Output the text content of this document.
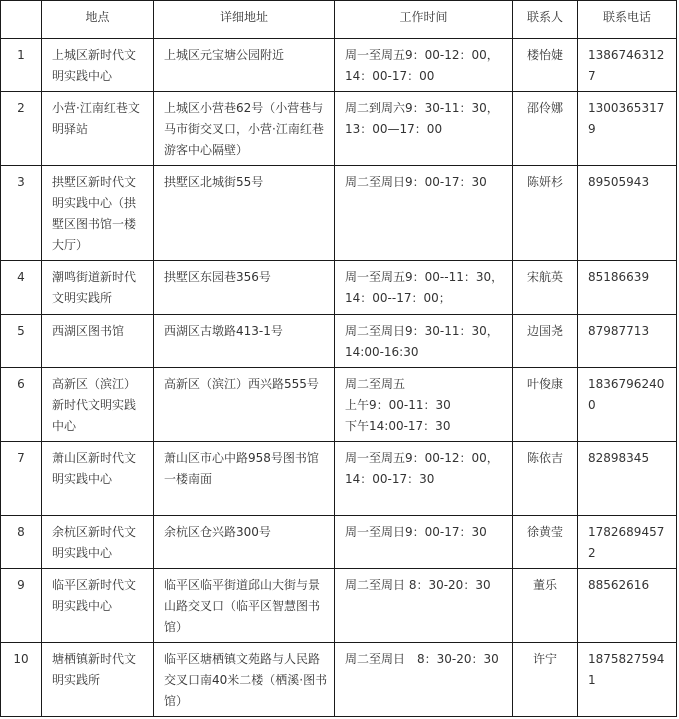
	地点	详细地址	工作时间	联系人	联系电话
1	上城区新时代文明实践中心	上城区元宝塘公园附近	周一至周五9：00-12：00，14：00-17：00	楼怡婕	13867463127
2	小营·江南红巷文明驿站	上城区小营巷62号（小营巷与马市街交叉口，小营·江南红巷游客中心隔壁）	周二到周六9：30-11：30，13：00—17：00	邵伶娜	13003653179
3	拱墅区新时代文明实践中心（拱墅区图书馆一楼大厅）	拱墅区北城街55号	周二至周日9：00-17：30	陈妍杉	89505943
4	潮鸣街道新时代文明实践所	拱墅区东园巷356号	周一至周五9：00--11：30，14：00--17：00；	宋航英	85186639
5	西湖区图书馆	西湖区古墩路413-1号	周二至周日9：30-11：30，14:00-16:30	边国尧	87987713
6	高新区（滨江）新时代文明实践中心	高新区（滨江）西兴路555号	周二至周五
上午9：00-11：30
下午14:00-17：30	叶俊康	18367962400
7	萧山区新时代文明实践中心	萧山区市心中路958号图书馆一楼南面	周一至周五9：00-12：00，14：00-17：30	陈依吉	82898345
8	余杭区新时代文明实践中心	余杭区仓兴路300号	周一至周日9：00-17：30	徐黄莹	17826894572
9	临平区新时代文明实践中心	临平区临平街道邱山大街与景山路交叉口（临平区智慧图书馆）	周二至周日 8：30-20：30	董乐	88562616
10	塘栖镇新时代文明实践所	临平区塘栖镇文苑路与人民路交叉口南40米二楼（栖溪·图书馆）	周二至周日　8：30-20：30	许宁	18758275941
